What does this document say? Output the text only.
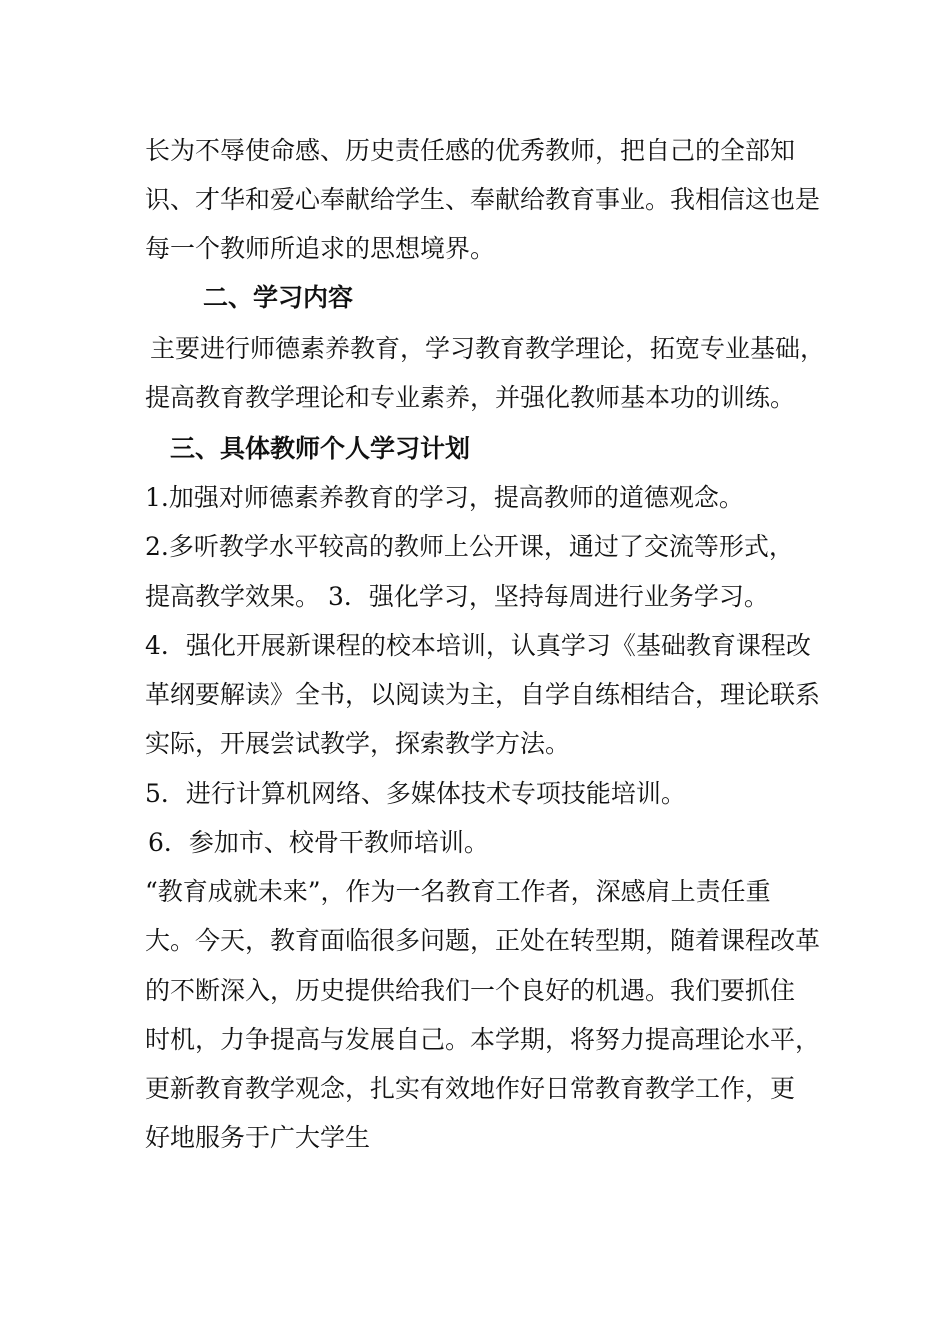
长为不辱使命感、历史责任感的优秀教师，把自己的全部知
识、才华和爱心奉献给学生、奉献给教育事业。我相信这也是
每一个教师所追求的思想境界。
二、学习内容
主要进行师德素养教育，学习教育教学理论，拓宽专业基础，
提高教育教学理论和专业素养，并强化教师基本功的训练。
三、具体教师个人学习计划
1.加强对师德素养教育的学习，提高教师的道德观念。
2.多听教学水平较高的教师上公开课，通过了交流等形式，
提高教学效果。 3．强化学习，坚持每周进行业务学习。
4．强化开展新课程的校本培训，认真学习《基础教育课程改
革纲要解读》全书，以阅读为主，自学自练相结合，理论联系
实际，开展尝试教学，探索教学方法。
5．进行计算机网络、多媒体技术专项技能培训。
6．参加市、校骨干教师培训。
“教育成就未来”，作为一名教育工作者，深感肩上责任重
大。今天，教育面临很多问题，正处在转型期，随着课程改革
的不断深入，历史提供给我们一个良好的机遇。我们要抓住
时机，力争提高与发展自己。本学期，将努力提高理论水平，
更新教育教学观念，扎实有效地作好日常教育教学工作，更
好地服务于广大学生
